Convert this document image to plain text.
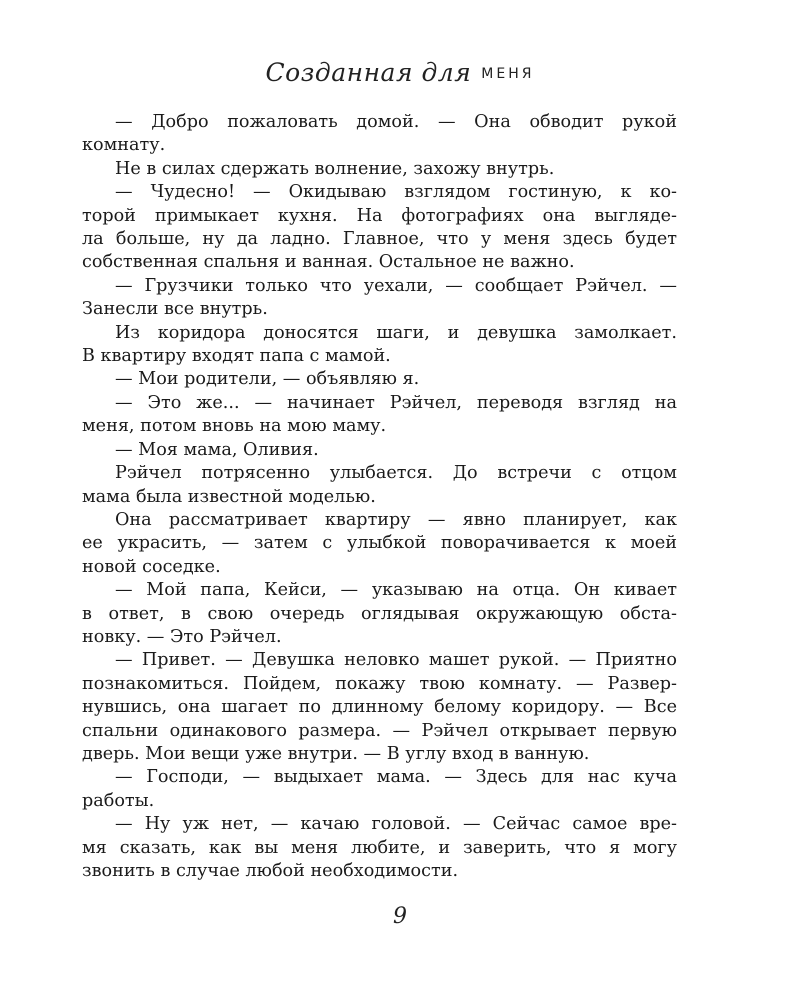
Созданная для МЕНЯ
— Добро пожаловать домой. — Она обводит рукой
комнату.
Не в силах сдержать волнение, захожу внутрь.
— Чудесно! — Окидываю взглядом гостиную, к ко-
торой примыкает кухня. На фотографиях она выгляде-
ла больше, ну да ладно. Главное, что у меня здесь будет
собственная спальня и ванная. Остальное не важно.
— Грузчики только что уехали, — сообщает Рэйчел. —
Занесли все внутрь.
Из коридора доносятся шаги, и девушка замолкает.
В квартиру входят папа с мамой.
— Мои родители, — объявляю я.
— Это же... — начинает Рэйчел, переводя взгляд на
меня, потом вновь на мою маму.
— Моя мама, Оливия.
Рэйчел потрясенно улыбается. До встречи с отцом
мама была известной моделью.
Она рассматривает квартиру — явно планирует, как
ее украсить, — затем с улыбкой поворачивается к моей
новой соседке.
— Мой папа, Кейси, — указываю на отца. Он кивает
в ответ, в свою очередь оглядывая окружающую обста-
новку. — Это Рэйчел.
— Привет. — Девушка неловко машет рукой. — Приятно
познакомиться. Пойдем, покажу твою комнату. — Развер-
нувшись, она шагает по длинному белому коридору. — Все
спальни одинакового размера. — Рэйчел открывает первую
дверь. Мои вещи уже внутри. — В углу вход в ванную.
— Господи, — выдыхает мама. — Здесь для нас куча
работы.
— Ну уж нет, — качаю головой. — Сейчас самое вре-
мя сказать, как вы меня любите, и заверить, что я могу
звонить в случае любой необходимости.
9
